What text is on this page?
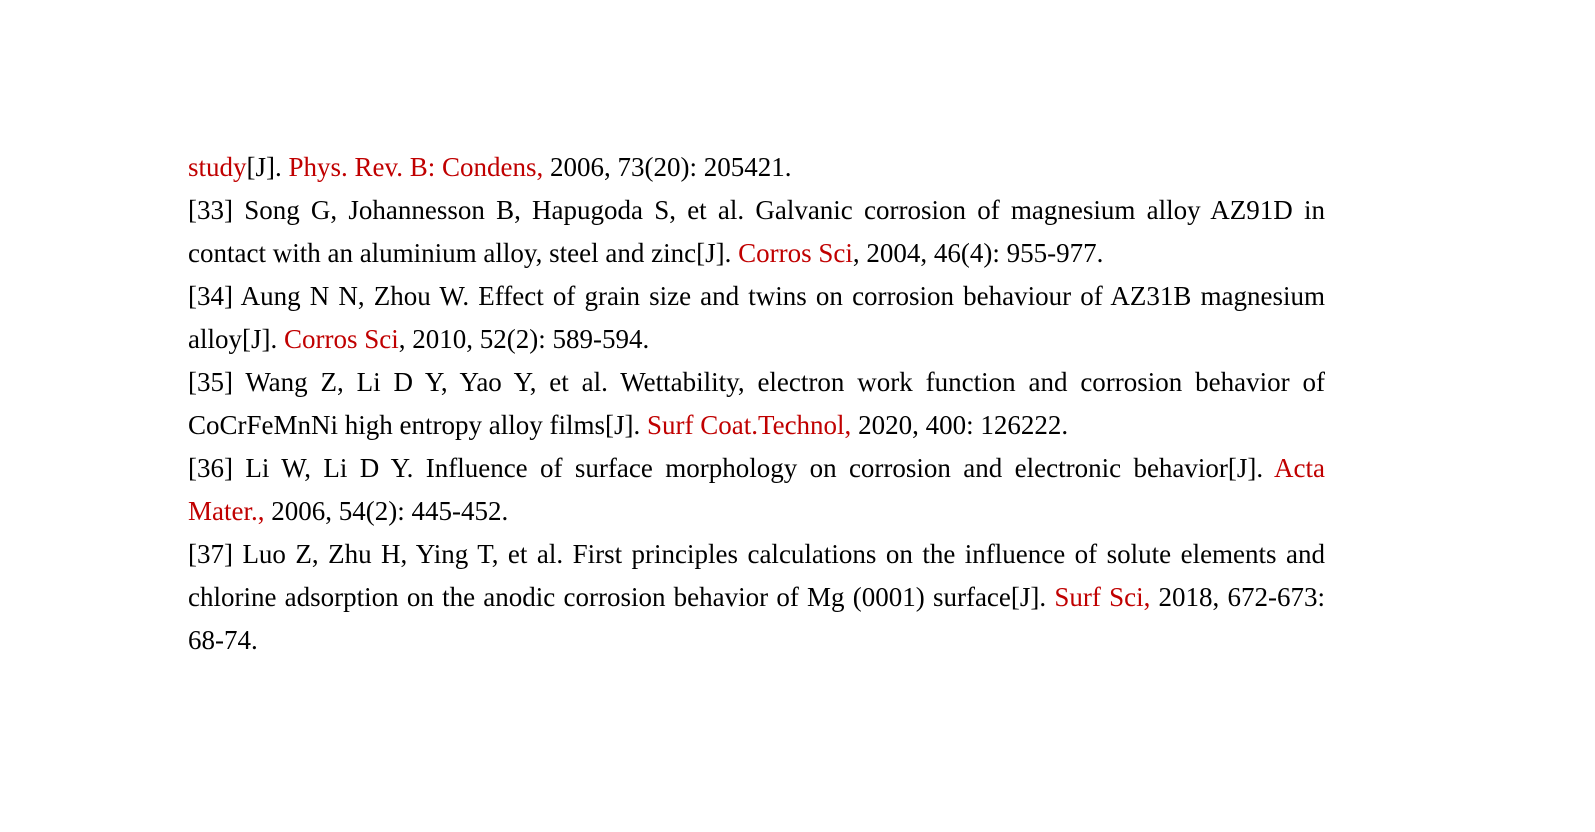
study[J]. Phys. Rev. B: Condens, 2006, 73(20): 205421.
[33] Song G, Johannesson B, Hapugoda S, et al. Galvanic corrosion of magnesium alloy AZ91D in
contact with an aluminium alloy, steel and zinc[J]. Corros Sci, 2004, 46(4): 955-977.
[34] Aung N N, Zhou W. Effect of grain size and twins on corrosion behaviour of AZ31B magnesium
alloy[J]. Corros Sci, 2010, 52(2): 589-594.
[35] Wang Z, Li D Y, Yao Y, et al. Wettability, electron work function and corrosion behavior of
CoCrFeMnNi high entropy alloy films[J]. Surf Coat.Technol, 2020, 400: 126222.
[36] Li W, Li D Y. Influence of surface morphology on corrosion and electronic behavior[J]. Acta
Mater., 2006, 54(2): 445-452.
[37] Luo Z, Zhu H, Ying T, et al. First principles calculations on the influence of solute elements and
chlorine adsorption on the anodic corrosion behavior of Mg (0001) surface[J]. Surf Sci, 2018, 672-673:
68-74.
